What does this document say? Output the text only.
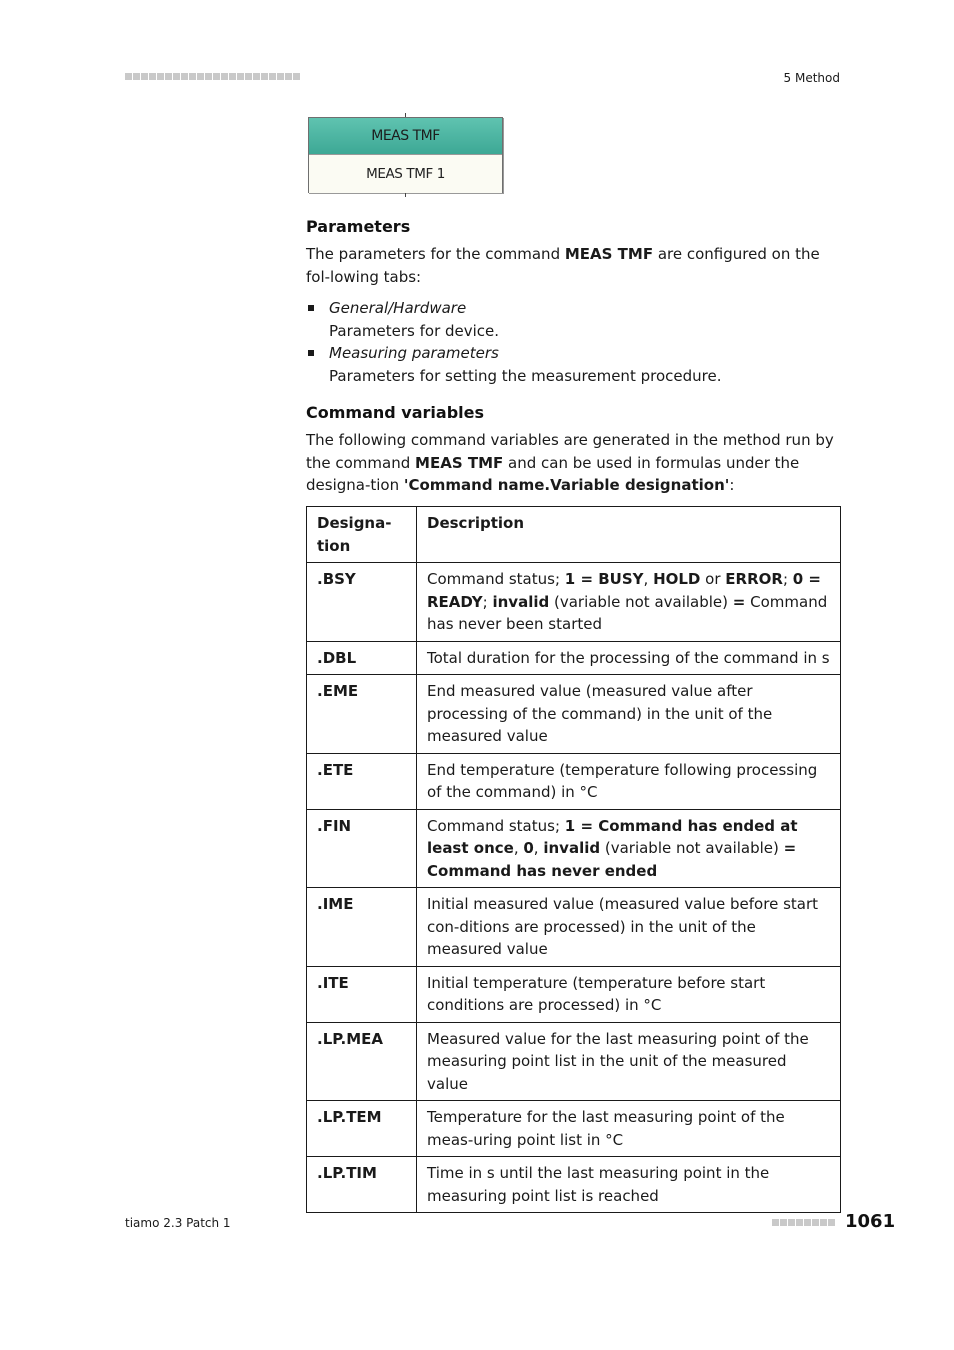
5 Method
MEAS TMF
MEAS TMF 1
Parameters
The parameters for the command MEAS TMF are configured on the fol-lowing tabs:
General/Hardware
Parameters for device.
Measuring parameters
Parameters for setting the measurement procedure.
Command variables
The following command variables are generated in the method run by the command MEAS TMF and can be used in formulas under the designa-tion 'Command name.Variable designation':
Designa-tion	Description
.BSY	Command status; 1 = BUSY, HOLD or ERROR; 0 = READY; invalid (variable not available) = Command has never been started
.DBL	Total duration for the processing of the command in s
.EME	End measured value (measured value after processing of the command) in the unit of the measured value
.ETE	End temperature (temperature following processing of the command) in °C
.FIN	Command status; 1 = Command has ended at least once, 0, invalid (variable not available) = Command has never ended
.IME	Initial measured value (measured value before start con-ditions are processed) in the unit of the measured value
.ITE	Initial temperature (temperature before start conditions are processed) in °C
.LP.MEA	Measured value for the last measuring point of the measuring point list in the unit of the measured value
.LP.TEM	Temperature for the last measuring point of the meas-uring point list in °C
.LP.TIM	Time in s until the last measuring point in the measuring point list is reached
tiamo 2.3 Patch 1	1061
